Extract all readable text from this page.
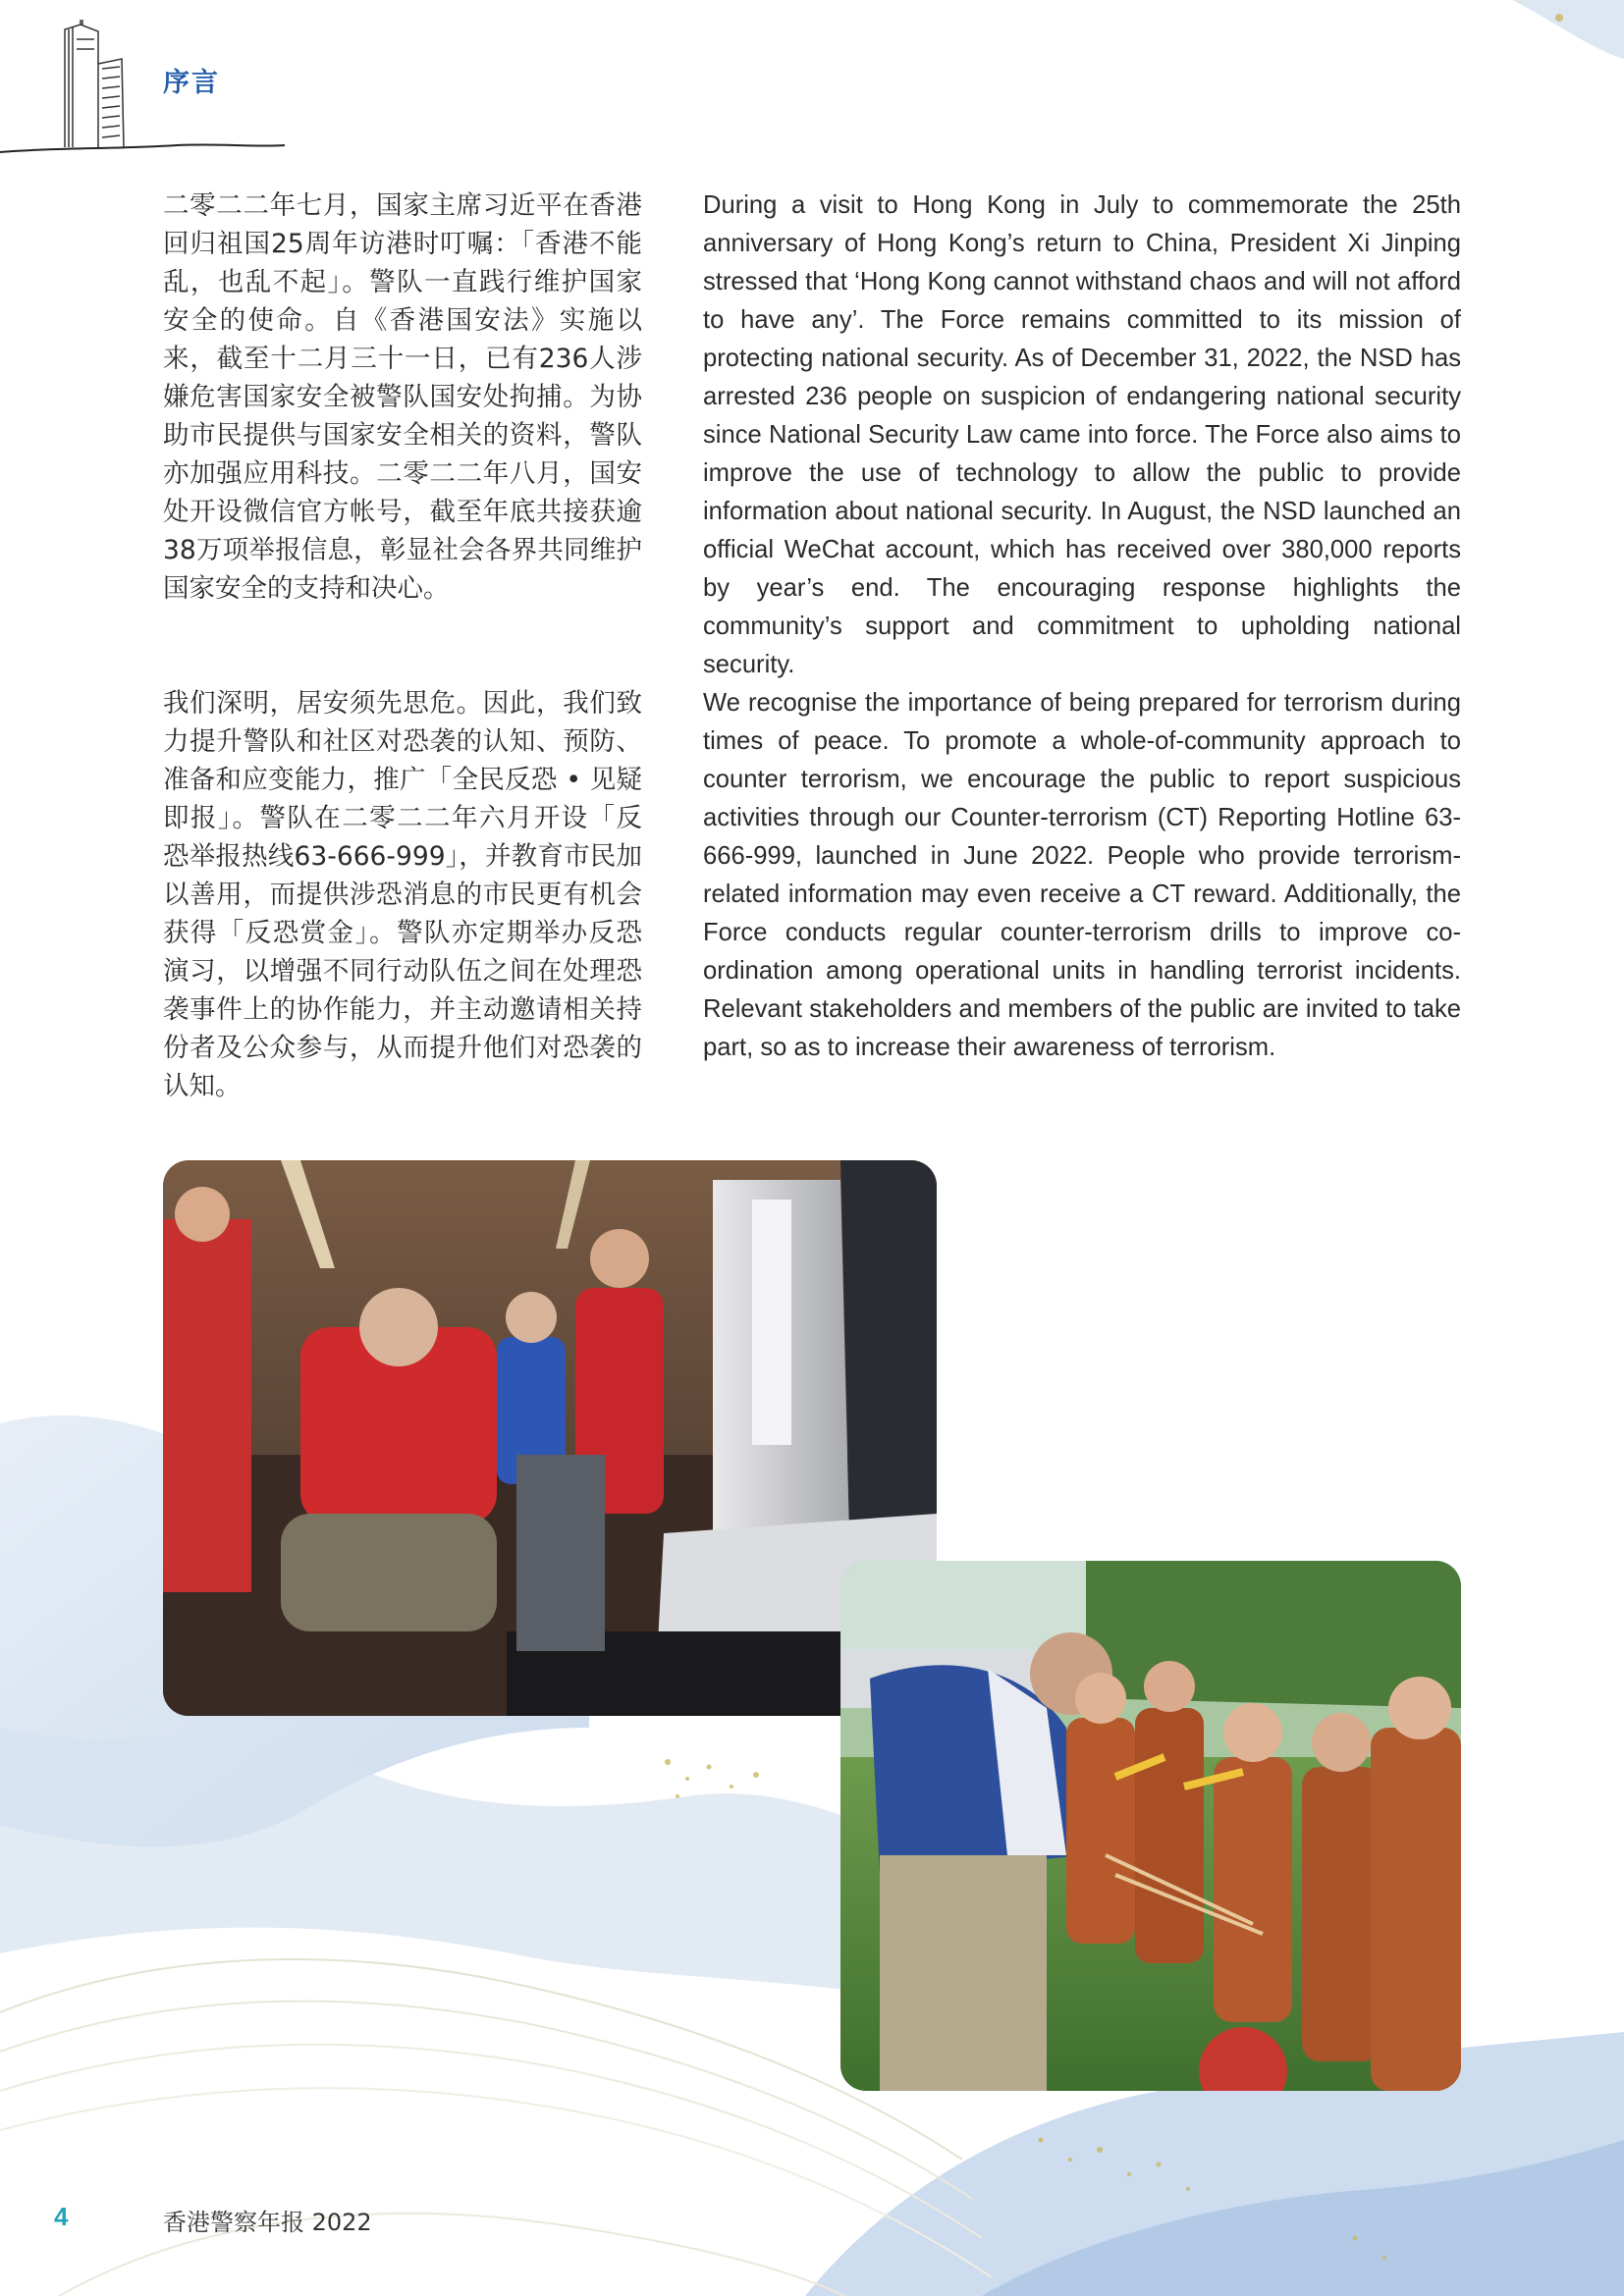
序言

二零二二年七月，国家主席习近平在香港回归祖国25周年访港时叮嘱：「香港不能乱，也乱不起」。警队一直践行维护国家安全的使命。自《香港国安法》实施以来，截至十二月三十一日，已有236人涉嫌危害国家安全被警队国安处拘捕。为协助市民提供与国家安全相关的资料，警队亦加强应用科技。二零二二年八月，国安处开设微信官方帐号，截至年底共接获逾38万项举报信息，彰显社会各界共同维护国家安全的支持和决心。

During a visit to Hong Kong in July to commemorate the 25th anniversary of Hong Kong’s return to China, President Xi Jinping stressed that ‘Hong Kong cannot withstand chaos and will not afford to have any’. The Force remains committed to its mission of protecting national security. As of December 31, 2022, the NSD has arrested 236 people on suspicion of endangering national security since National Security Law came into force. The Force also aims to improve the use of technology to allow the public to provide information about national security. In August, the NSD launched an official WeChat account, which has received over 380,000 reports by year’s end. The encouraging response highlights the community’s support and commitment to upholding national security.

我们深明，居安须先思危。因此，我们致力提升警队和社区对恐袭的认知、预防、准备和应变能力，推广「全民反恐 • 见疑即报」。警队在二零二二年六月开设「反恐举报热线63-666-999」，并教育市民加以善用，而提供涉恐消息的市民更有机会获得「反恐赏金」。警队亦定期举办反恐演习，以增强不同行动队伍之间在处理恐袭事件上的协作能力，并主动邀请相关持份者及公众参与，从而提升他们对恐袭的认知。

We recognise the importance of being prepared for terrorism during times of peace. To promote a whole-of-community approach to counter terrorism, we encourage the public to report suspicious activities through our Counter-terrorism (CT) Reporting Hotline 63-666-999, launched in June 2022. People who provide terrorism-related information may even receive a CT reward. Additionally, the Force conducts regular counter-terrorism drills to improve co-ordination among operational units in handling terrorist incidents. Relevant stakeholders and members of the public are invited to take part, so as to increase their awareness of terrorism.

4	香港警察年报 2022
